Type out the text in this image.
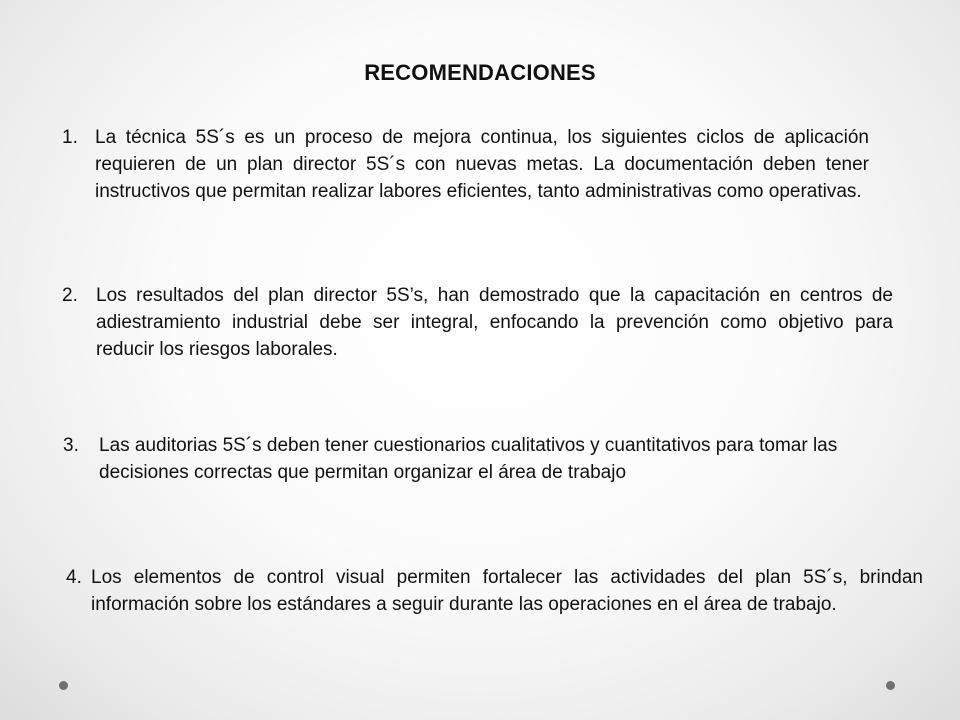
RECOMENDACIONES
1. La técnica 5S´s es un proceso de mejora continua, los siguientes ciclos de aplicación requieren de un plan director 5S´s con nuevas metas. La documentación deben tener instructivos que permitan realizar labores eficientes, tanto administrativas como operativas.
2. Los resultados del plan director 5S’s, han demostrado que la capacitación en centros de adiestramiento industrial debe ser integral, enfocando la prevención como objetivo para reducir los riesgos laborales.
3. Las auditorias 5S´s deben tener cuestionarios cualitativos y cuantitativos para tomar las decisiones correctas que permitan organizar el área de trabajo
4. Los elementos de control visual permiten fortalecer las actividades del plan 5S´s, brindan información sobre los estándares a seguir durante las operaciones en el área de trabajo.
